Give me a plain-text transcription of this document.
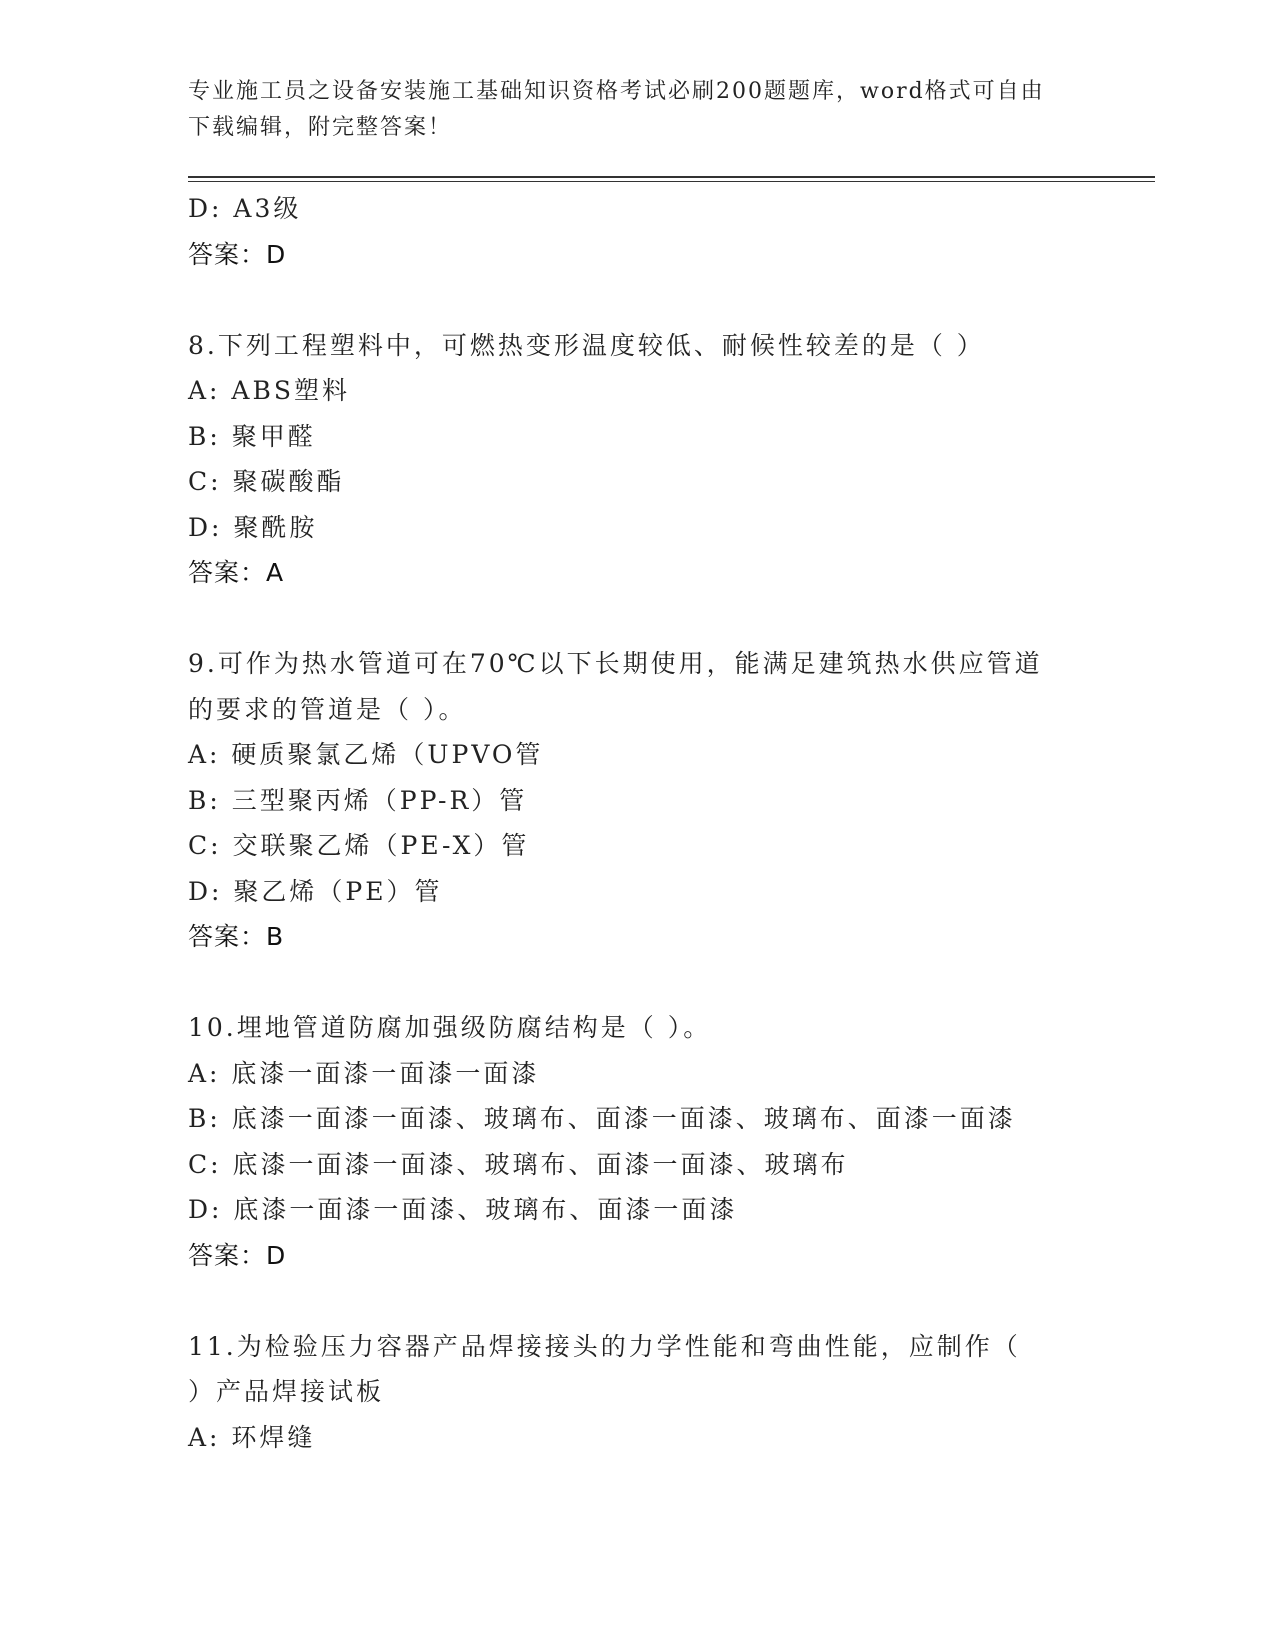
专业施工员之设备安装施工基础知识资格考试必刷200题题库，word格式可自由
下载编辑，附完整答案！
D: A3级
答案：D
8.下列工程塑料中，可燃热变形温度较低、耐候性较差的是（ ）
A: ABS塑料
B: 聚甲醛
C: 聚碳酸酯
D: 聚酰胺
答案：A
9.可作为热水管道可在70℃以下长期使用，能满足建筑热水供应管道
的要求的管道是（ ）。
A: 硬质聚氯乙烯（UPVO管
B: 三型聚丙烯（PP-R）管
C: 交联聚乙烯（PE-X）管
D: 聚乙烯（PE）管
答案：B
10.埋地管道防腐加强级防腐结构是（ ）。
A: 底漆一面漆一面漆一面漆
B: 底漆一面漆一面漆、玻璃布、面漆一面漆、玻璃布、面漆一面漆
C: 底漆一面漆一面漆、玻璃布、面漆一面漆、玻璃布
D: 底漆一面漆一面漆、玻璃布、面漆一面漆
答案：D
11.为检验压力容器产品焊接接头的力学性能和弯曲性能，应制作（
）产品焊接试板
A: 环焊缝
